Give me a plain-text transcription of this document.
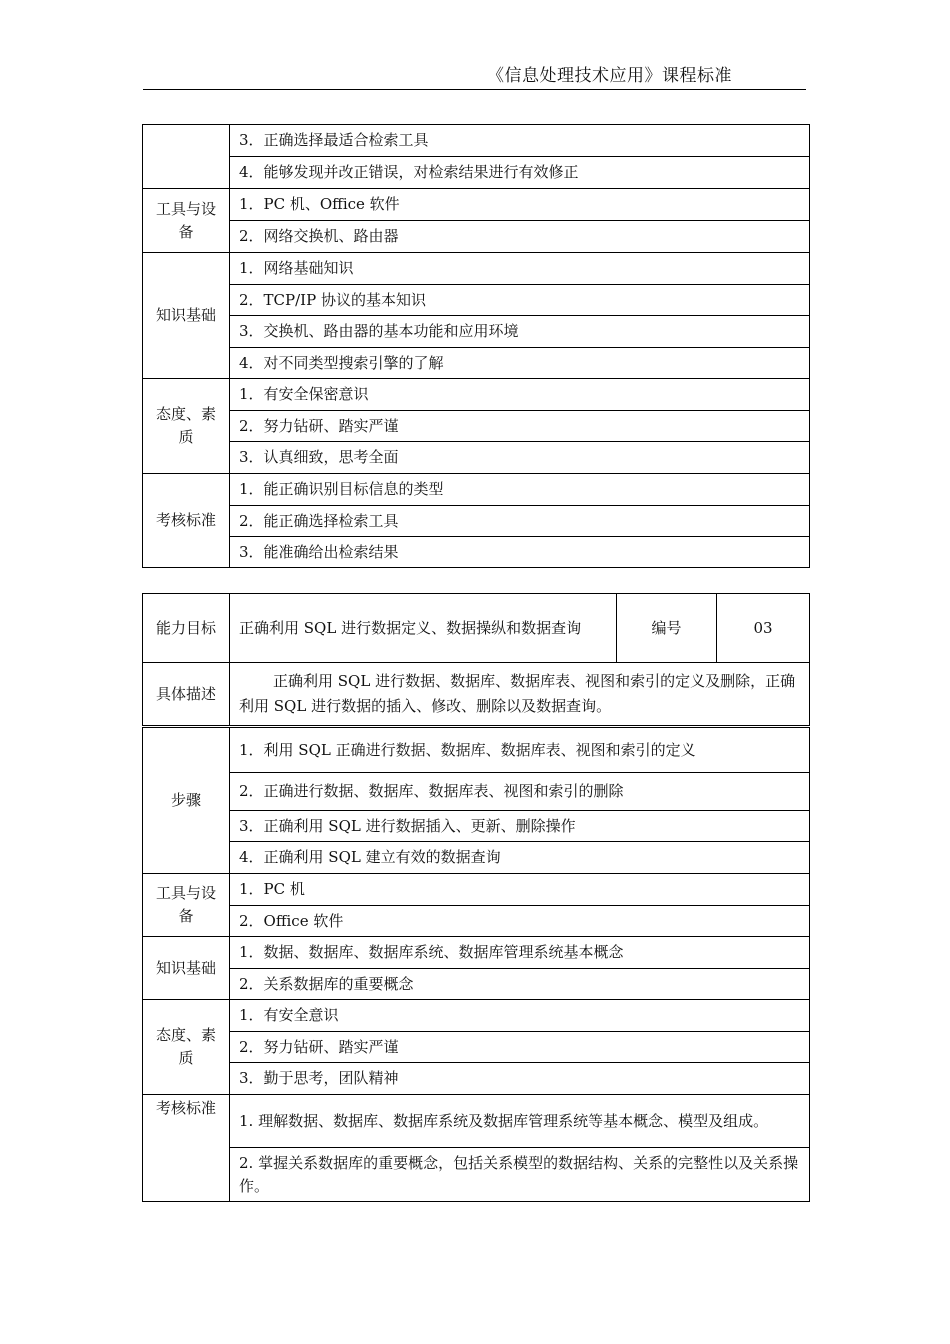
《信息处理技术应用》课程标准
	3．正确选择最适合检索工具
	4．能够发现并改正错误，对检索结果进行有效修正
工具与设备	1．PC 机、Office 软件
	2．网络交换机、路由器
知识基础	1．网络基础知识
	2．TCP/IP 协议的基本知识
	3．交换机、路由器的基本功能和应用环境
	4．对不同类型搜索引擎的了解
态度、素质	1．有安全保密意识
	2．努力钻研、踏实严谨
	3．认真细致，思考全面
考核标准	1．能正确识别目标信息的类型
	2．能正确选择检索工具
	3．能准确给出检索结果
能力目标	正确利用 SQL 进行数据定义、数据操纵和数据查询	编号	03
具体描述	正确利用 SQL 进行数据、数据库、数据库表、视图和索引的定义及删除，正确利用 SQL 进行数据的插入、修改、删除以及数据查询。		
步骤	1．利用 SQL 正确进行数据、数据库、数据库表、视图和索引的定义		
	2．正确进行数据、数据库、数据库表、视图和索引的删除		
	3．正确利用 SQL 进行数据插入、更新、删除操作		
	4．正确利用 SQL 建立有效的数据查询		
工具与设备	1．PC 机		
	2．Office 软件		
知识基础	1．数据、数据库、数据库系统、数据库管理系统基本概念		
	2．关系数据库的重要概念		
态度、素质	1．有安全意识		
	2．努力钻研、踏实严谨		
	3．勤于思考，团队精神		
考核标准	1. 理解数据、数据库、数据库系统及数据库管理系统等基本概念、模型及组成。		
	2. 掌握关系数据库的重要概念，包括关系模型的数据结构、关系的完整性以及关系操作。		
